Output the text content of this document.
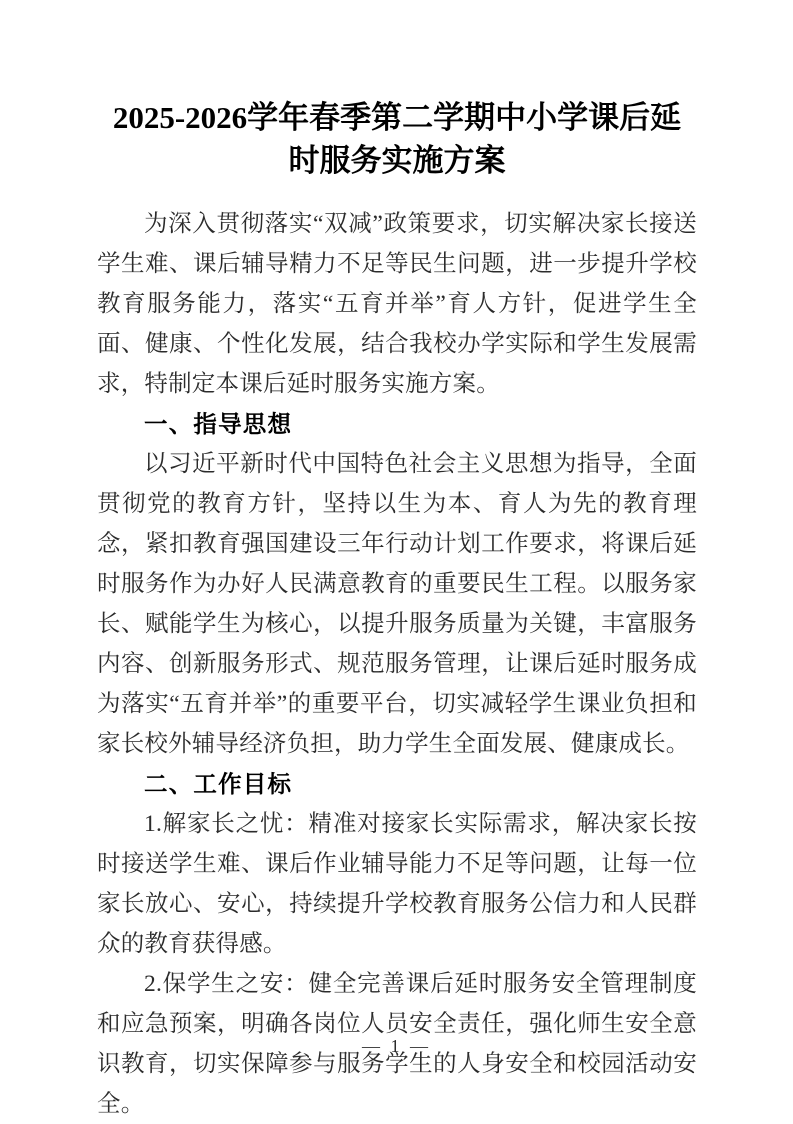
2025-2026学年春季第二学期中小学课后延时服务实施方案

为深入贯彻落实“双减”政策要求，切实解决家长接送学生难、课后辅导精力不足等民生问题，进一步提升学校教育服务能力，落实“五育并举”育人方针，促进学生全面、健康、个性化发展，结合我校办学实际和学生发展需求，特制定本课后延时服务实施方案。

一、指导思想

以习近平新时代中国特色社会主义思想为指导，全面贯彻党的教育方针，坚持以生为本、育人为先的教育理念，紧扣教育强国建设三年行动计划工作要求，将课后延时服务作为办好人民满意教育的重要民生工程。以服务家长、赋能学生为核心，以提升服务质量为关键，丰富服务内容、创新服务形式、规范服务管理，让课后延时服务成为落实“五育并举”的重要平台，切实减轻学生课业负担和家长校外辅导经济负担，助力学生全面发展、健康成长。

二、工作目标

1.解家长之忧：精准对接家长实际需求，解决家长按时接送学生难、课后作业辅导能力不足等问题，让每一位家长放心、安心，持续提升学校教育服务公信力和人民群众的教育获得感。

2.保学生之安：健全完善课后延时服务安全管理制度和应急预案，明确各岗位人员安全责任，强化师生安全意识教育，切实保障参与服务学生的人身安全和校园活动安全。

— 1 —
